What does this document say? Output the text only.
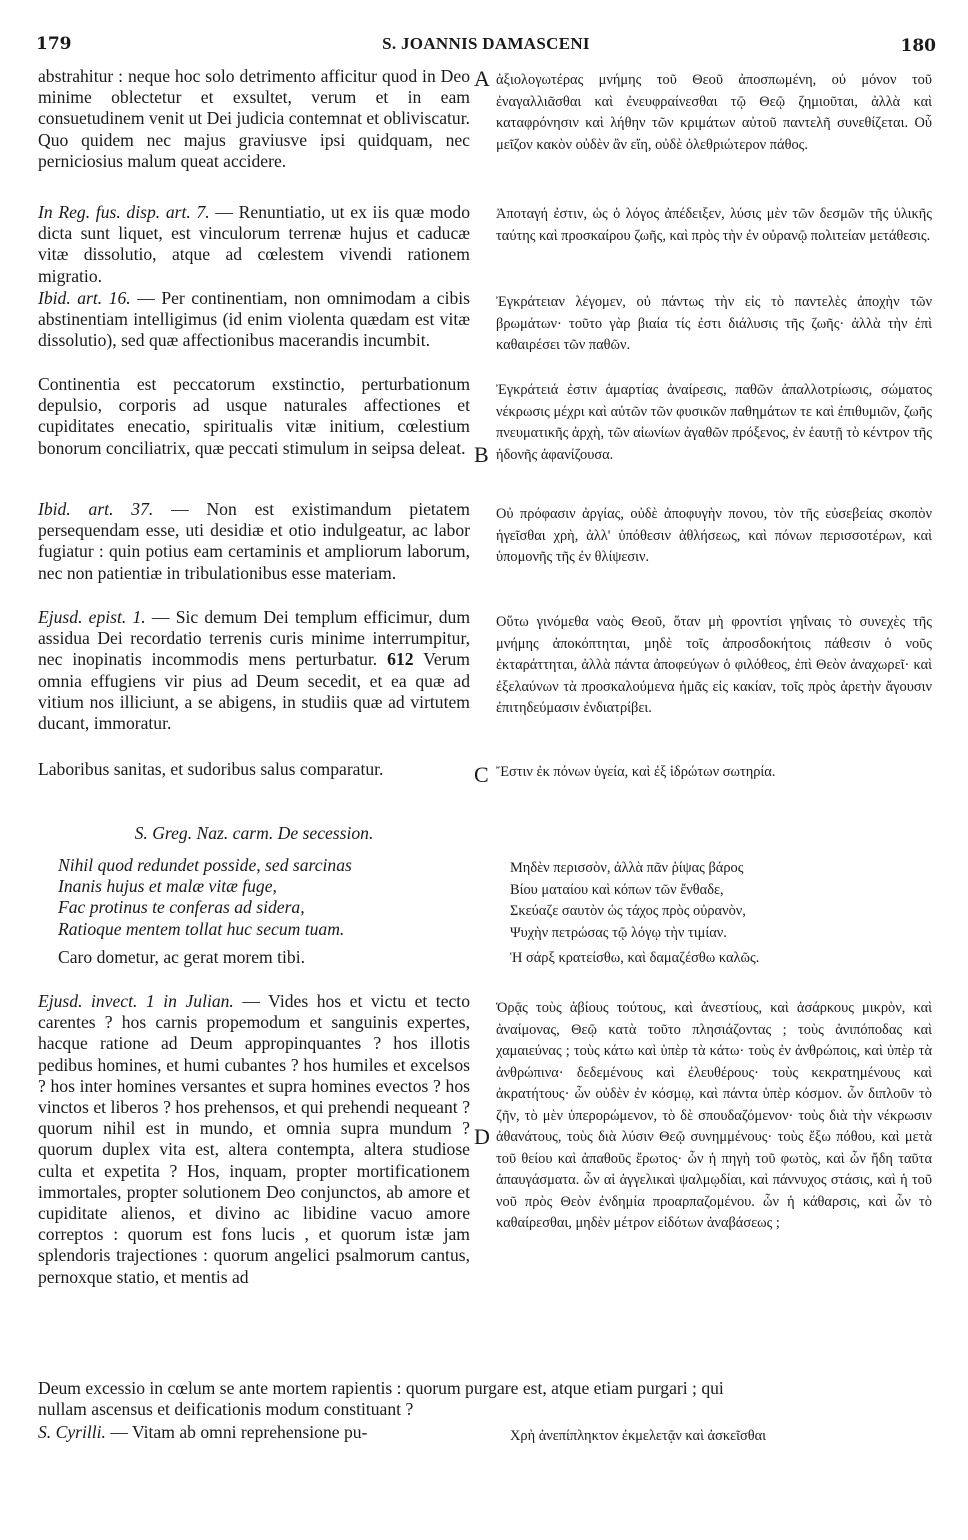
179	S. JOANNIS DAMASCENI	180
A
B
C
D
abstrahitur : neque hoc solo detrimento afficitur quod in Deo minime oblectetur et exsultet, verum et in eam consuetudinem venit ut Dei judicia contemnat et obliviscatur. Quo quidem nec majus graviusve ipsi quidquam, nec perniciosius malum queat accidere.
In Reg. fus. disp. art. 7. — Renuntiatio, ut ex iis quæ modo dicta sunt liquet, est vinculorum terrenæ hujus et caducæ vitæ dissolutio, atque ad cœlestem vivendi rationem migratio.
Ibid. art. 16. — Per continentiam, non omnimodam a cibis abstinentiam intelligimus (id enim violenta quædam est vitæ dissolutio), sed quæ affectionibus macerandis incumbit.
Continentia est peccatorum exstinctio, perturbationum depulsio, corporis ad usque naturales affectiones et cupiditates enecatio, spiritualis vitæ initium, cœlestium bonorum conciliatrix, quæ peccati stimulum in seipsa deleat.
Ibid. art. 37. — Non est existimandum pietatem persequendam esse, uti desidiæ et otio indulgeatur, ac labor fugiatur : quin potius eam certaminis et ampliorum laborum, nec non patientiæ in tribulationibus esse materiam.
Ejusd. epist. 1. — Sic demum Dei templum efficimur, dum assidua Dei recordatio terrenis curis minime interrumpitur, nec inopinatis incommodis mens perturbatur. 612 Verum omnia effugiens vir pius ad Deum secedit, et ea quæ ad vitium nos illiciunt, a se abigens, in studiis quæ ad virtutem ducant, immoratur.
Laboribus sanitas, et sudoribus salus comparatur.
S. Greg. Naz. carm. De secession.
Nihil quod redundet posside, sed sarcinas
Inanis hujus et malæ vitæ fuge,
Fac protinus te conferas ad sidera,
Ratioque mentem tollat huc secum tuam.
Caro dometur, ac gerat morem tibi.
Ejusd. invect. 1 in Julian. — Vides hos et victu et tecto carentes ? hos carnis propemodum et sanguinis expertes, hacque ratione ad Deum appropinquantes ? hos illotis pedibus homines, et humi cubantes ? hos humiles et excelsos ? hos inter homines versantes et supra homines evectos ? hos vinctos et liberos ? hos prehensos, et qui prehendi nequeant ? quorum nihil est in mundo, et omnia supra mundum ? quorum duplex vita est, altera contempta, altera studiose culta et expetita ? Hos, inquam, propter mortificationem immortales, propter solutionem Deo conjunctos, ab amore et cupiditate alienos, et divino ac libidine vacuo amore correptos : quorum est fons lucis , et quorum istæ jam splendoris trajectiones : quorum angelici psalmorum cantus, pernoxque statio, et mentis ad
ἀξιολογωτέρας μνήμης τοῦ Θεοῦ ἀποσπωμένη, οὐ μόνον τοῦ ἐναγαλλιᾶσθαι καὶ ἐνευφραίνεσθαι τῷ Θεῷ ζημιοῦται, ἀλλὰ καὶ καταφρόνησιν καὶ λήθην τῶν κριμάτων αὐτοῦ παντελῆ συνεθίζεται. Οὗ μεῖζον κακὸν οὐδὲν ἂν εἴη, οὐδὲ ὀλεθριώτερον πάθος.
Ἀποταγή ἐστιν, ὡς ὁ λόγος ἀπέδειξεν, λύσις μὲν τῶν δεσμῶν τῆς ὑλικῆς ταύτης καὶ προσκαίρου ζωῆς, καὶ πρὸς τὴν ἐν οὐρανῷ πολιτείαν μετάθεσις.
Ἐγκράτειαν λέγομεν, οὐ πάντως τὴν εἰς τὸ παντελὲς ἀποχὴν τῶν βρωμάτων· τοῦτο γὰρ βιαία τίς ἐστι διάλυσις τῆς ζωῆς· ἀλλὰ τὴν ἐπὶ καθαιρέσει τῶν παθῶν.
Ἐγκράτειά ἐστιν ἁμαρτίας ἀναίρεσις, παθῶν ἀπαλλοτρίωσις, σώματος νέκρωσις μέχρι καὶ αὐτῶν τῶν φυσικῶν παθημάτων τε καὶ ἐπιθυμιῶν, ζωῆς πνευματικῆς ἀρχὴ, τῶν αἰωνίων ἀγαθῶν πρόξενος, ἐν ἑαυτῇ τὸ κέντρον τῆς ἡδονῆς ἀφανίζουσα.
Οὐ πρόφασιν ἀργίας, οὐδὲ ἀποφυγὴν πονου, τὸν τῆς εὐσεβείας σκοπὸν ἡγεῖσθαι χρὴ, ἀλλ' ὑπόθεσιν ἀθλήσεως, καὶ πόνων περισσοτέρων, καὶ ὑπομονῆς τῆς ἐν θλίψεσιν.
Οὕτω γινόμεθα ναὸς Θεοῦ, ὅταν μὴ φροντίσι γηΐναις τὸ συνεχὲς τῆς μνήμης ἀποκόπτηται, μηδὲ τοῖς ἀπροσδοκήτοις πάθεσιν ὁ νοῦς ἐκταράττηται, ἀλλὰ πάντα ἀποφεύγων ὁ φιλόθεος, ἐπὶ Θεὸν ἀναχωρεῖ· καὶ ἐξελαύνων τὰ προσκαλούμενα ἡμᾶς εἰς κακίαν, τοῖς πρὸς ἀρετὴν ἄγουσιν ἐπιτηδεύμασιν ἐνδιατρίβει.
Ἔστιν ἐκ πόνων ὑγεία, καὶ ἐξ ἱδρώτων σωτηρία.
Μηδὲν περισσὸν, ἀλλὰ πᾶν ῥίψας βάρος
Βίου ματαίου καὶ κόπων τῶν ἔνθαδε,
Σκεύαζε σαυτὸν ὡς τάχος πρὸς οὐρανὸν,
Ψυχὴν πετρώσας τῷ λόγῳ τὴν τιμίαν.
Ἡ σάρξ κρατείσθω, καὶ δαμαζέσθω καλῶς.
Ὁρᾷς τοὺς ἀβίους τούτους, καὶ ἀνεστίους, καὶ ἀσάρκους μικρὸν, καὶ ἀναίμονας, Θεῷ κατὰ τοῦτο πλησιάζοντας ; τοὺς ἀνιπόποδας καὶ χαμαιεύνας ; τοὺς κάτω καὶ ὑπὲρ τὰ κάτω· τοὺς ἐν ἀνθρώποις, καὶ ὑπὲρ τὰ ἀνθρώπινα· δεδεμένους καὶ ἐλευθέρους· τοὺς κεκρατημένους καὶ ἀκρατήτους· ὧν οὐδὲν ἐν κόσμῳ, καὶ πάντα ὑπὲρ κόσμον. ὧν διπλοῦν τὸ ζῆν, τὸ μὲν ὑπερορώμενον, τὸ δὲ σπουδαζόμενον· τοὺς διὰ τὴν νέκρωσιν ἀθανάτους, τοὺς διὰ λύσιν Θεῷ συνημμένους· τοὺς ἔξω πόθου, καὶ μετὰ τοῦ θείου καὶ ἀπαθοῦς ἔρωτος· ὧν ἡ πηγὴ τοῦ φωτὸς, καὶ ὧν ἤδη ταῦτα ἀπαυγάσματα. ὧν αἱ ἀγγελικαὶ ψαλμῳδίαι, καὶ πάννυχος στάσις, καὶ ἡ τοῦ νοῦ πρὸς Θεὸν ἐνδημία προαρπαζομένου. ὧν ἡ κάθαρσις, καὶ ὧν τὸ καθαίρεσθαι, μηδὲν μέτρον εἰδότων ἀναβάσεως ;
Deum excessio in cœlum se ante mortem rapientis : quorum purgare est, atque etiam purgari ; qui
nullam ascensus et deificationis modum constituant ?
S. Cyrilli. — Vitam ab omni reprehensione pu-	Χρὴ ἀνεπίπληκτον ἐκμελετᾷν καὶ ἀσκεῖσθαι
